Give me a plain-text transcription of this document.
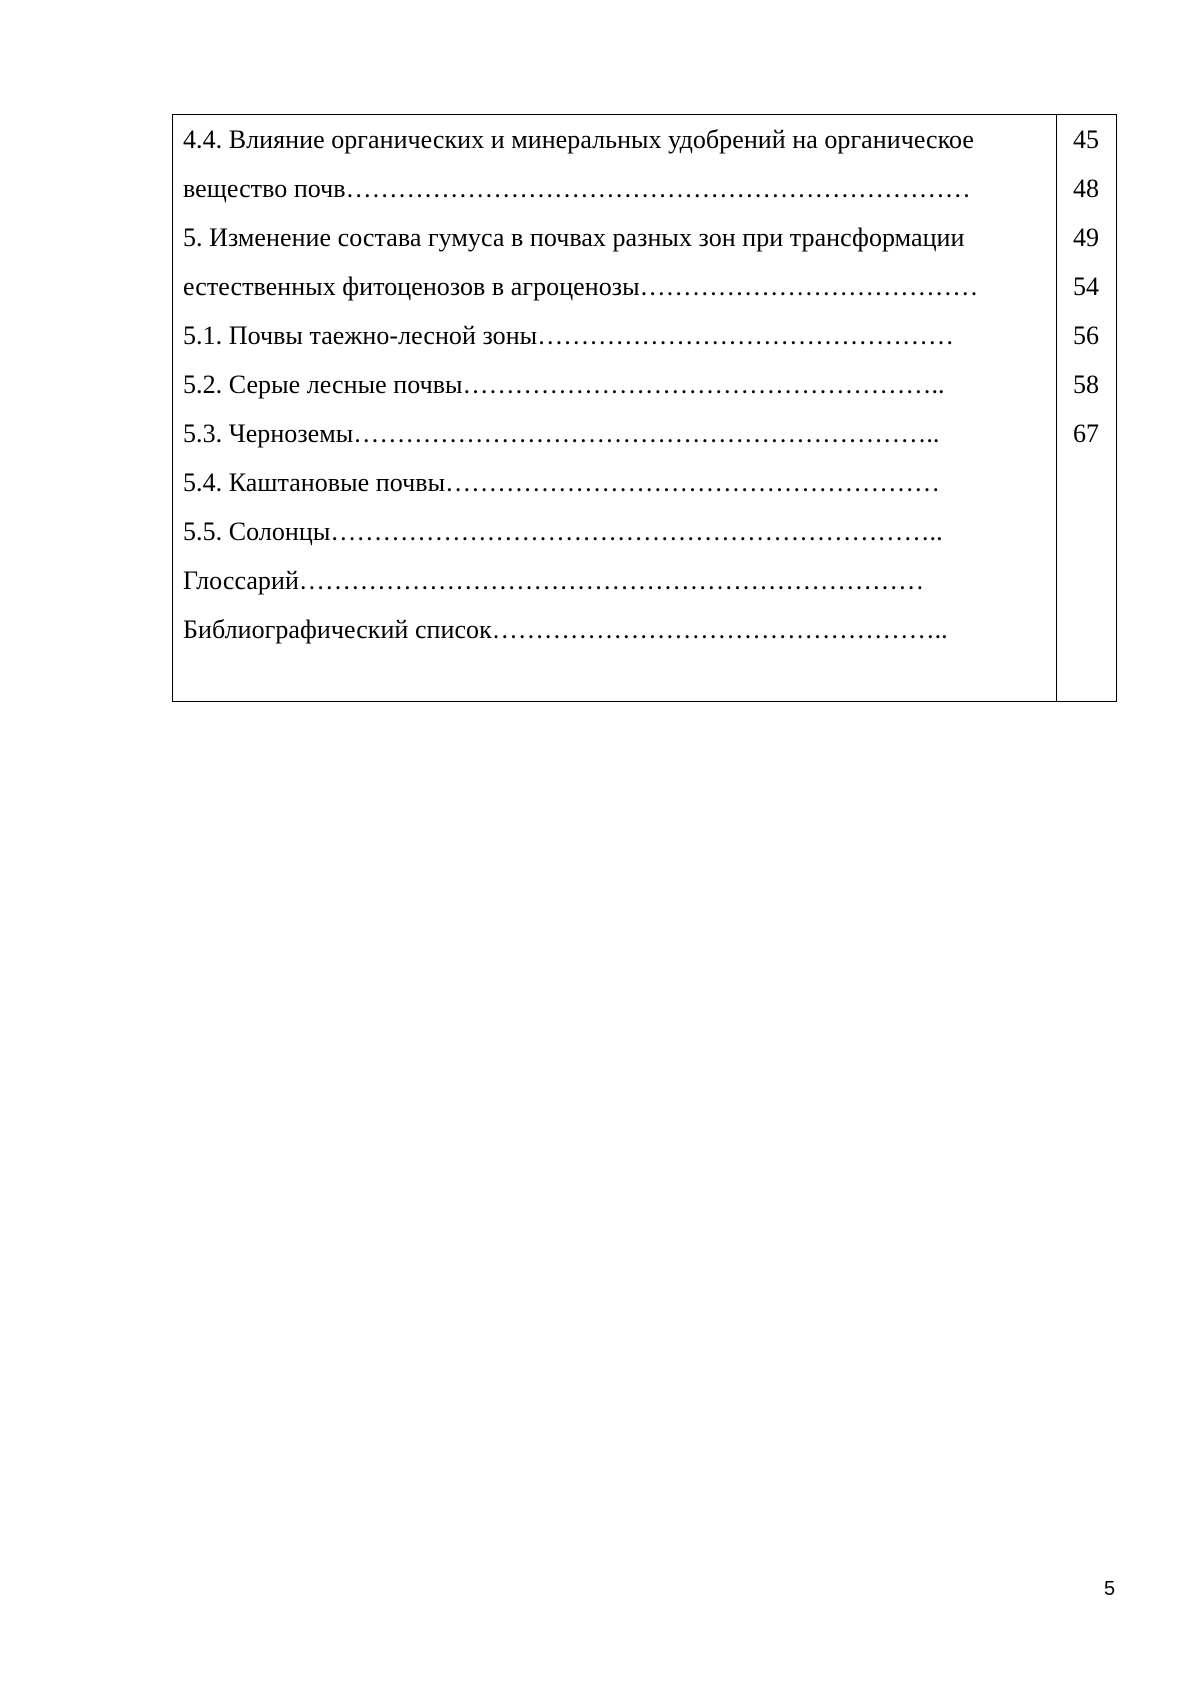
4.4. Влияние органических и минеральных удобрений на органическое
вещество почв………………………………………………………………
5. Изменение состава гумуса в почвах разных зон при трансформации
естественных фитоценозов в агроценозы…………………………………
5.1. Почвы таежно-лесной зоны…………………………………………
5.2. Серые лесные почвы………………………………………………..
5.3. Черноземы…………………………………………………………..
5.4. Каштановые почвы…………………………………………………
5.5. Солонцы……………………………………………………………..
Глоссарий………………………………………………………………
Библиографический список……………………………………………..
45
48
49
54
56
58
67
5
